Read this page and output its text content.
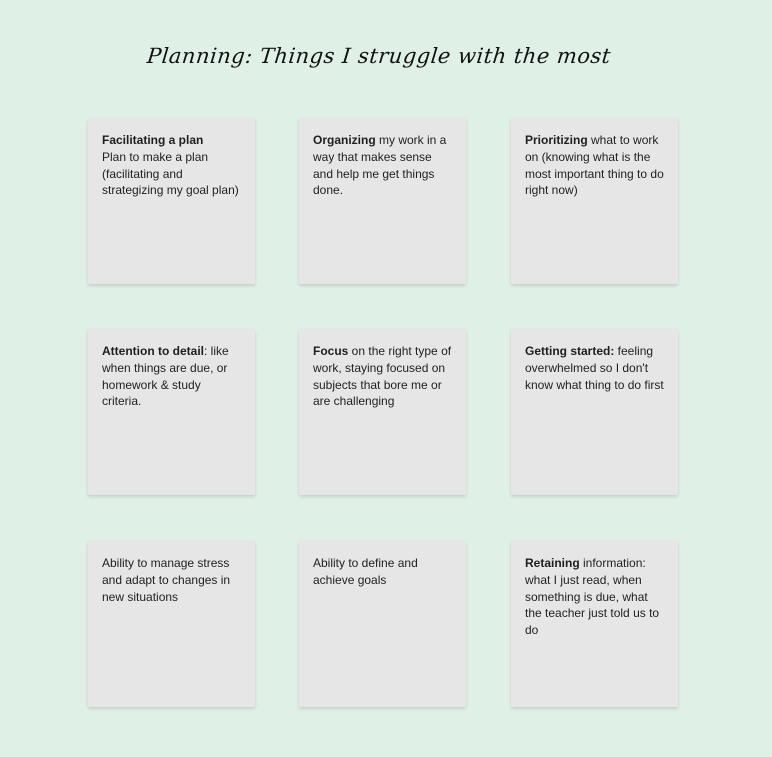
Planning: Things I struggle with the most
Facilitating a plan
Plan to make a plan (facilitating and strategizing my goal plan)
Organizing my work in a way that makes sense and help me get things done.
Prioritizing what to work on (knowing what is the most important thing to do right now)
Attention to detail: like when things are due, or homework & study criteria.
Focus on the right type of work, staying focused on subjects that bore me or are challenging
Getting started: feeling overwhelmed so I don't know what thing to do first
Ability to manage stress and adapt to changes in new situations
Ability to define and achieve goals
Retaining information: what I just read, when something is due, what the teacher just told us to do
